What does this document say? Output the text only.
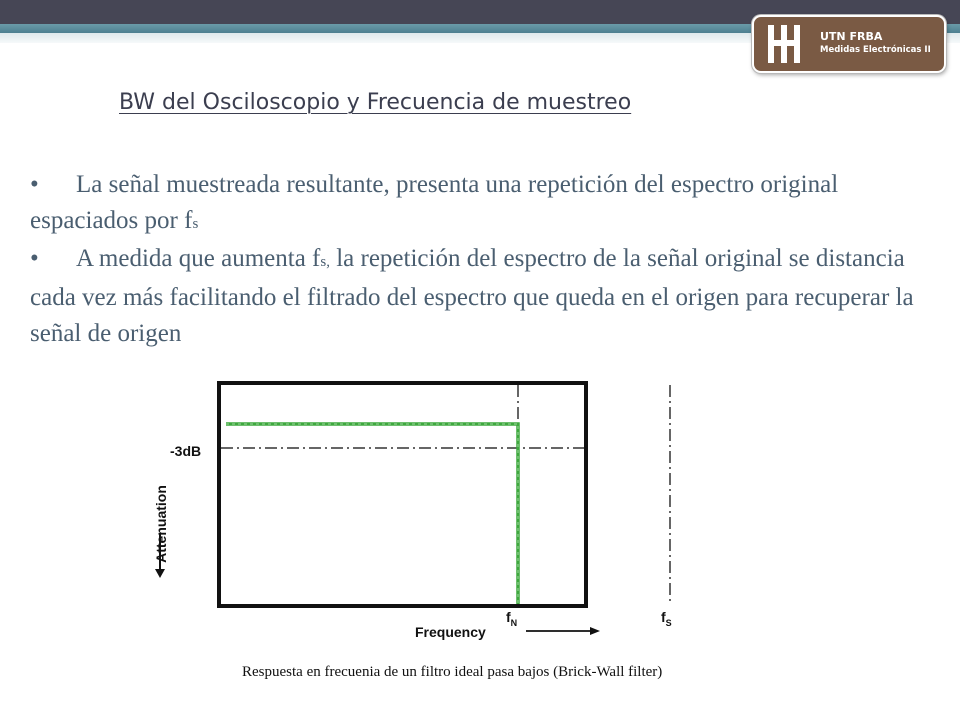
UTN FRBA
Medidas Electrónicas II
BW del Osciloscopio y Frecuencia de muestreo

• La señal muestreada resultante, presenta una repetición del espectro original espaciados por fs

• A medida que aumenta fs, la repetición del espectro de la señal original se distancia cada vez más facilitando el filtrado del espectro que queda en el origen para recuperar la señal de origen

-3dB
Attenuation
$f_N$	$f_S$
Frequency
Respuesta en frecuenia de un filtro ideal pasa bajos (Brick-Wall filter)
